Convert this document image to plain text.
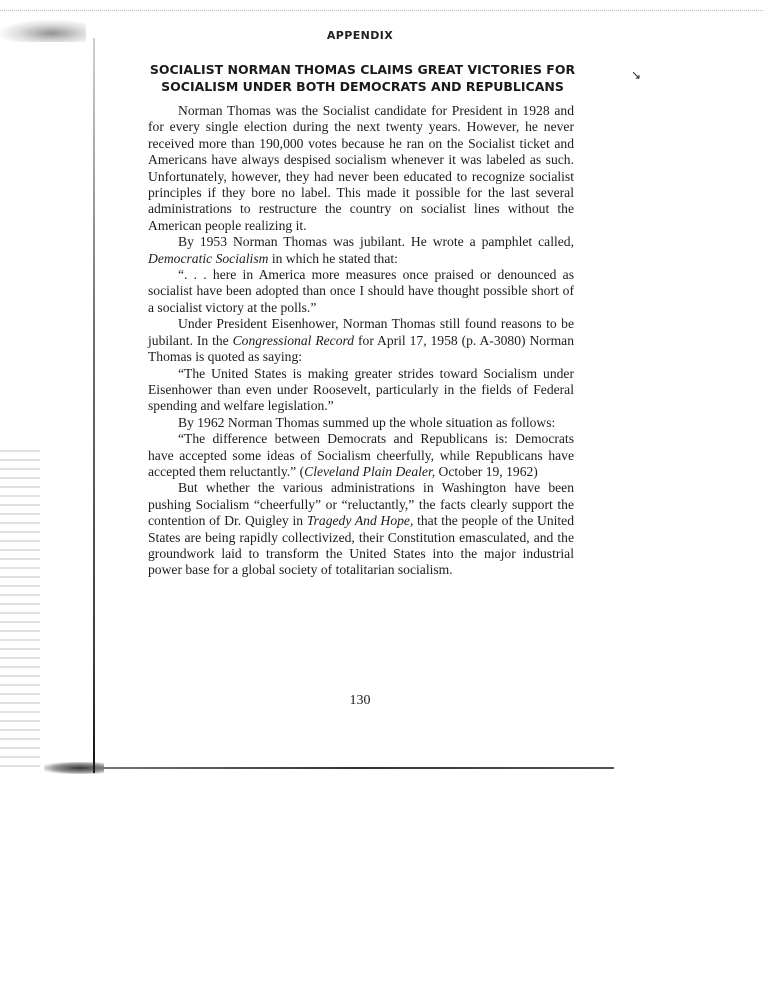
↘
APPENDIX
SOCIALIST NORMAN THOMAS CLAIMS GREAT VICTORIES FOR SOCIALISM UNDER BOTH DEMOCRATS AND REPUBLICANS

Norman Thomas was the Socialist candidate for President in 1928 and for every single election during the next twenty years. However, he never received more than 190,000 votes because he ran on the Socialist ticket and Americans have always despised socialism whenever it was labeled as such. Unfortunately, however, they had never been educated to recognize socialist principles if they bore no label. This made it possible for the last several administrations to restructure the country on socialist lines without the American people realizing it.

By 1953 Norman Thomas was jubilant. He wrote a pamphlet called, Democratic Socialism in which he stated that:

“. . . here in America more measures once praised or denounced as socialist have been adopted than once I should have thought possible short of a socialist victory at the polls.”

Under President Eisenhower, Norman Thomas still found reasons to be jubilant. In the Congressional Record for April 17, 1958 (p. A-3080) Norman Thomas is quoted as saying:

“The United States is making greater strides toward Socialism under Eisenhower than even under Roosevelt, particularly in the fields of Federal spending and welfare legislation.”

By 1962 Norman Thomas summed up the whole situation as follows:

“The difference between Democrats and Republicans is: Democrats have accepted some ideas of Socialism cheerfully, while Republicans have accepted them reluctantly.” (Cleveland Plain Dealer, October 19, 1962)

But whether the various administrations in Washington have been pushing Socialism “cheerfully” or “reluctantly,” the facts clearly support the contention of Dr. Quigley in Tragedy And Hope, that the people of the United States are being rapidly collectivized, their Constitution emasculated, and the groundwork laid to transform the United States into the major industrial power base for a global society of totalitarian socialism.

130
